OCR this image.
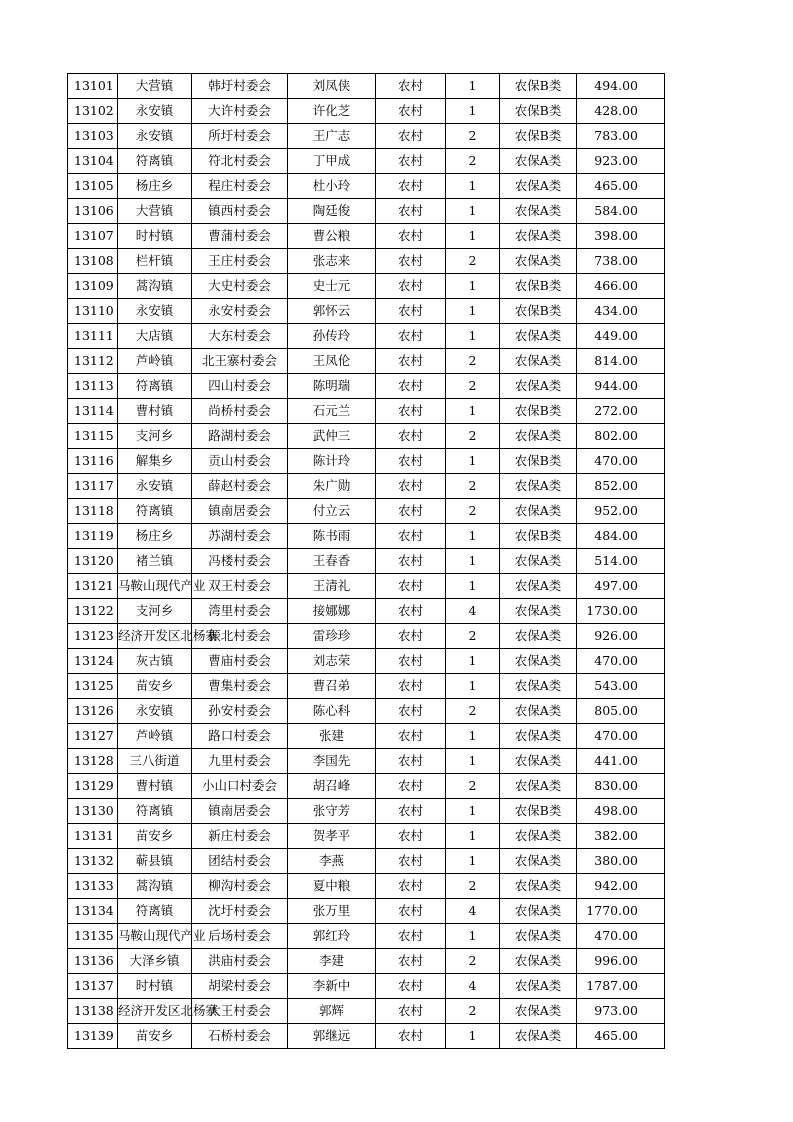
13101	大营镇	韩圩村委会	刘凤侠	农村	1	农保B类	494.00
13102	永安镇	大许村委会	许化芝	农村	1	农保B类	428.00
13103	永安镇	所圩村委会	王广志	农村	2	农保B类	783.00
13104	符离镇	符北村委会	丁甲成	农村	2	农保A类	923.00
13105	杨庄乡	程庄村委会	杜小玲	农村	1	农保A类	465.00
13106	大营镇	镇西村委会	陶廷俊	农村	1	农保A类	584.00
13107	时村镇	曹蒲村委会	曹公粮	农村	1	农保A类	398.00
13108	栏杆镇	王庄村委会	张志来	农村	2	农保A类	738.00
13109	蒿沟镇	大史村委会	史士元	农村	1	农保B类	466.00
13110	永安镇	永安村委会	郭怀云	农村	1	农保B类	434.00
13111	大店镇	大东村委会	孙传玲	农村	1	农保A类	449.00
13112	芦岭镇	北王寨村委会	王凤伦	农村	2	农保A类	814.00
13113	符离镇	四山村委会	陈明瑞	农村	2	农保A类	944.00
13114	曹村镇	尚桥村委会	石元兰	农村	1	农保B类	272.00
13115	支河乡	路湖村委会	武仲三	农村	2	农保A类	802.00
13116	解集乡	贡山村委会	陈计玲	农村	1	农保B类	470.00
13117	永安镇	薛赵村委会	朱广勋	农村	2	农保A类	852.00
13118	符离镇	镇南居委会	付立云	农村	2	农保A类	952.00
13119	杨庄乡	苏湖村委会	陈书雨	农村	1	农保B类	484.00
13120	褚兰镇	冯楼村委会	王春香	农村	1	农保A类	514.00
13121	马鞍山现代产业	双王村委会	王清礼	农村	1	农保A类	497.00
13122	支河乡	湾里村委会	接娜娜	农村	4	农保A类	1730.00
13123	经济开发区北杨寨	振北村委会	雷珍珍	农村	2	农保A类	926.00
13124	灰古镇	曹庙村委会	刘志荣	农村	1	农保A类	470.00
13125	苗安乡	曹集村委会	曹召弟	农村	1	农保A类	543.00
13126	永安镇	孙安村委会	陈心科	农村	2	农保A类	805.00
13127	芦岭镇	路口村委会	张建	农村	1	农保A类	470.00
13128	三八街道	九里村委会	李国先	农村	1	农保A类	441.00
13129	曹村镇	小山口村委会	胡召峰	农村	2	农保A类	830.00
13130	符离镇	镇南居委会	张守芳	农村	1	农保B类	498.00
13131	苗安乡	新庄村委会	贺孝平	农村	1	农保A类	382.00
13132	蕲县镇	团结村委会	李燕	农村	1	农保A类	380.00
13133	蒿沟镇	柳沟村委会	夏中粮	农村	2	农保A类	942.00
13134	符离镇	沈圩村委会	张万里	农村	4	农保A类	1770.00
13135	马鞍山现代产业	后场村委会	郭红玲	农村	1	农保A类	470.00
13136	大泽乡镇	洪庙村委会	李建	农村	2	农保A类	996.00
13137	时村镇	胡梁村委会	李新中	农村	4	农保A类	1787.00
13138	经济开发区北杨寨	大王村委会	郭辉	农村	2	农保A类	973.00
13139	苗安乡	石桥村委会	郭继远	农村	1	农保A类	465.00
